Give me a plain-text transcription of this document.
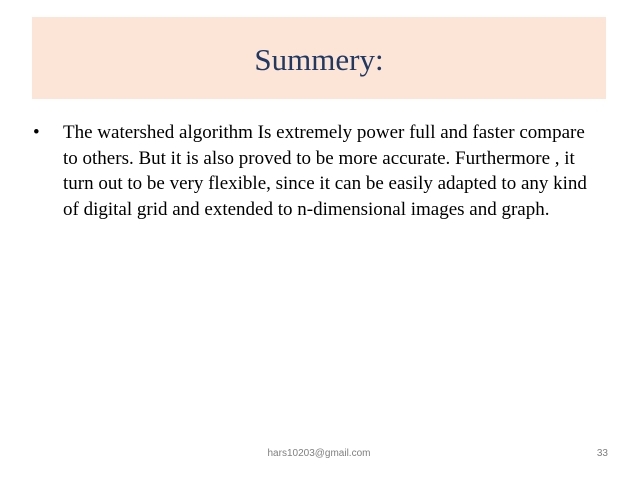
Summery:
• The watershed algorithm Is extremely power full and faster compare to others. But it is also proved to be more accurate. Furthermore , it turn out to be very flexible, since it can be easily adapted to any kind of digital grid and extended to n-dimensional images and graph.
hars10203@gmail.com	33
